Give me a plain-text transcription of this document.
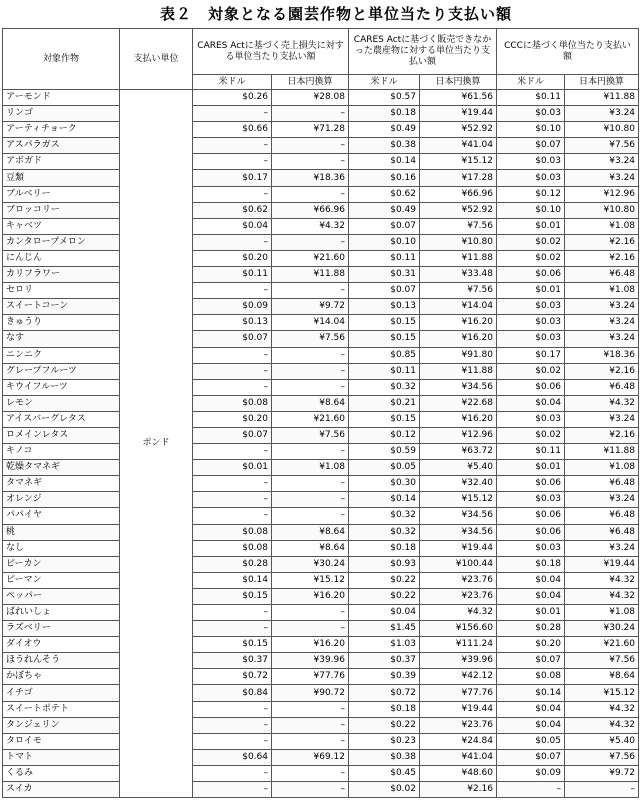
表２　対象となる園芸作物と単位当たり支払い額
対象作物	支払い単位	CARES Actに基づく売上損失に対する単位当たり支払い額		CARES Actに基づく販売できなかった農産物に対する単位当たり支払い額		CCCに基づく単位当たり支払い額	
		米ドル	日本円換算	米ドル	日本円換算	米ドル	日本円換算
アーモンド	ポンド	$0.26	¥28.08	$0.57	¥61.56	$0.11	¥11.88
リンゴ		–	–	$0.18	¥19.44	$0.03	¥3.24
アーティチョーク		$0.66	¥71.28	$0.49	¥52.92	$0.10	¥10.80
アスパラガス		–	–	$0.38	¥41.04	$0.07	¥7.56
アボガド		–	–	$0.14	¥15.12	$0.03	¥3.24
豆類		$0.17	¥18.36	$0.16	¥17.28	$0.03	¥3.24
ブルベリー		–	–	$0.62	¥66.96	$0.12	¥12.96
ブロッコリー		$0.62	¥66.96	$0.49	¥52.92	$0.10	¥10.80
キャベツ		$0.04	¥4.32	$0.07	¥7.56	$0.01	¥1.08
カンタロープメロン		–	–	$0.10	¥10.80	$0.02	¥2.16
にんじん		$0.20	¥21.60	$0.11	¥11.88	$0.02	¥2.16
カリフラワー		$0.11	¥11.88	$0.31	¥33.48	$0.06	¥6.48
セロリ		–	–	$0.07	¥7.56	$0.01	¥1.08
スイートコーン		$0.09	¥9.72	$0.13	¥14.04	$0.03	¥3.24
きゅうり		$0.13	¥14.04	$0.15	¥16.20	$0.03	¥3.24
なす		$0.07	¥7.56	$0.15	¥16.20	$0.03	¥3.24
ニンニク		–	–	$0.85	¥91.80	$0.17	¥18.36
グレープフルーツ		–	–	$0.11	¥11.88	$0.02	¥2.16
キウイフルーツ		–	–	$0.32	¥34.56	$0.06	¥6.48
レモン		$0.08	¥8.64	$0.21	¥22.68	$0.04	¥4.32
アイスバーグレタス		$0.20	¥21.60	$0.15	¥16.20	$0.03	¥3.24
ロメインレタス		$0.07	¥7.56	$0.12	¥12.96	$0.02	¥2.16
キノコ		–	–	$0.59	¥63.72	$0.11	¥11.88
乾燥タマネギ		$0.01	¥1.08	$0.05	¥5.40	$0.01	¥1.08
タマネギ		–	–	$0.30	¥32.40	$0.06	¥6.48
オレンジ		–	–	$0.14	¥15.12	$0.03	¥3.24
パパイヤ		–	–	$0.32	¥34.56	$0.06	¥6.48
桃		$0.08	¥8.64	$0.32	¥34.56	$0.06	¥6.48
なし		$0.08	¥8.64	$0.18	¥19.44	$0.03	¥3.24
ピーカン		$0.28	¥30.24	$0.93	¥100.44	$0.18	¥19.44
ピーマン		$0.14	¥15.12	$0.22	¥23.76	$0.04	¥4.32
ペッパー		$0.15	¥16.20	$0.22	¥23.76	$0.04	¥4.32
ばれいしょ		–	–	$0.04	¥4.32	$0.01	¥1.08
ラズベリー		–	–	$1.45	¥156.60	$0.28	¥30.24
ダイオウ		$0.15	¥16.20	$1.03	¥111.24	$0.20	¥21.60
ほうれんそう		$0.37	¥39.96	$0.37	¥39.96	$0.07	¥7.56
かぼちゃ		$0.72	¥77.76	$0.39	¥42.12	$0.08	¥8.64
イチゴ		$0.84	¥90.72	$0.72	¥77.76	$0.14	¥15.12
スイートポテト		–	–	$0.18	¥19.44	$0.04	¥4.32
タンジェリン		–	–	$0.22	¥23.76	$0.04	¥4.32
タロイモ		–	–	$0.23	¥24.84	$0.05	¥5.40
トマト		$0.64	¥69.12	$0.38	¥41.04	$0.07	¥7.56
くるみ		–	–	$0.45	¥48.60	$0.09	¥9.72
スイカ		–	–	$0.02	¥2.16	–	–
